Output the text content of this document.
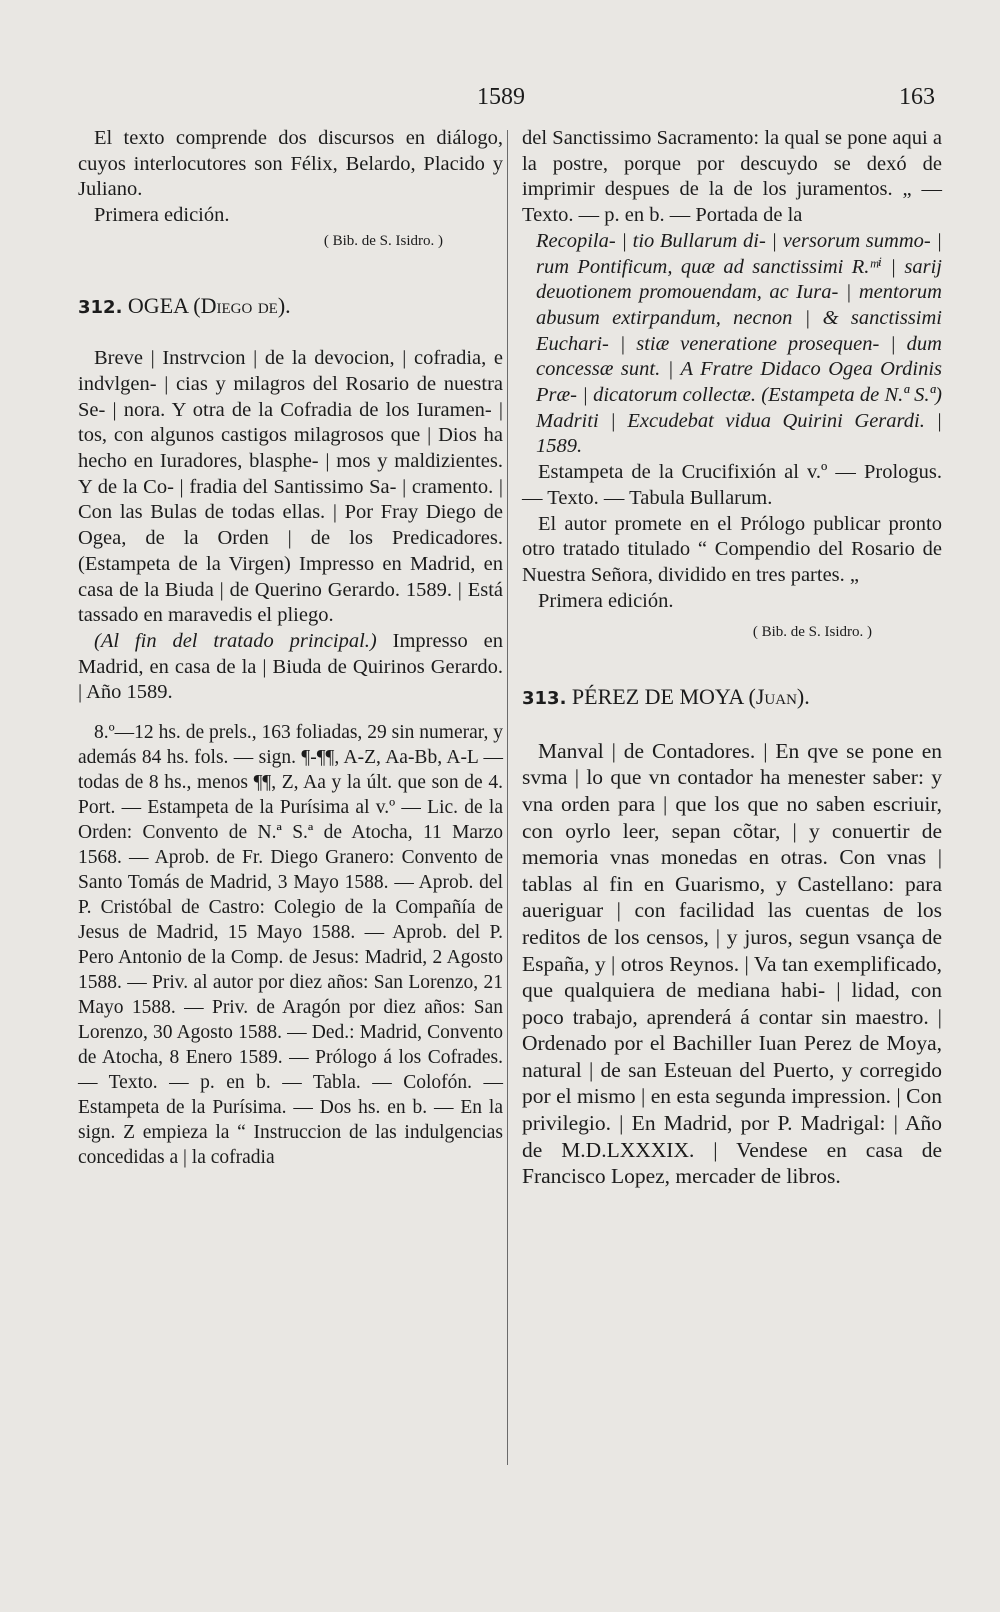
1589	163

El texto comprende dos discursos en diálogo, cuyos interlocutores son Félix, Belardo, Placido y Juliano.

Primera edición.

( Bib. de S. Isidro. )

312. OGEA (Diego de).

Breve | Instrvcion | de la devocion, | cofradia, e indvlgen- | cias y milagros del Rosario de nuestra Se- | nora. Y otra de la Cofradia de los Iuramen- | tos, con algunos castigos milagrosos que | Dios ha hecho en Iuradores, blasphe- | mos y maldizientes. Y de la Co- | fradia del Santissimo Sa- | cramento. | Con las Bulas de todas ellas. | Por Fray Diego de Ogea, de la Orden | de los Predicadores. (Estampeta de la Virgen) Impresso en Madrid, en casa de la Biuda | de Querino Gerardo. 1589. | Está tassado en maravedis el pliego.

(Al fin del tratado principal.) Impresso en Madrid, en casa de la | Biuda de Quirinos Gerardo. | Año 1589.

8.º—12 hs. de prels., 163 foliadas, 29 sin numerar, y además 84 hs. fols. — sign. ¶-¶¶, A-Z, Aa-Bb, A-L — todas de 8 hs., menos ¶¶, Z, Aa y la últ. que son de 4. Port. — Estampeta de la Purísima al v.º — Lic. de la Orden: Convento de N.ª S.ª de Atocha, 11 Marzo 1568. — Aprob. de Fr. Diego Granero: Convento de Santo Tomás de Madrid, 3 Mayo 1588. — Aprob. del P. Cristóbal de Castro: Colegio de la Compañía de Jesus de Madrid, 15 Mayo 1588. — Aprob. del P. Pero Antonio de la Comp. de Jesus: Madrid, 2 Agosto 1588. — Priv. al autor por diez años: San Lorenzo, 21 Mayo 1588. — Priv. de Aragón por diez años: San Lorenzo, 30 Agosto 1588. — Ded.: Madrid, Convento de Atocha, 8 Enero 1589. — Prólogo á los Cofrades. — Texto. — p. en b. — Tabla. — Colofón. — Estampeta de la Purísima. — Dos hs. en b. — En la sign. Z empieza la “ Instruccion de las indulgencias concedidas a | la cofradia

del Sanctissimo Sacramento: la qual se pone aqui a la postre, porque por descuydo se dexó de imprimir despues de la de los juramentos. „ — Texto. — p. en b. — Portada de la

Recopila- | tio Bullarum di- | versorum summo- | rum Pontificum, quæ ad sanctissimi R.ᵐⁱ | sarij deuotionem promouendam, ac Iura- | mentorum abusum extirpandum, necnon | & sanctissimi Euchari- | stiæ veneratione prosequen- | dum concessæ sunt. | A Fratre Didaco Ogea Ordinis Præ- | dicatorum collectæ. (Estampeta de N.ª S.ª) Madriti | Excudebat vidua Quirini Gerardi. | 1589.

Estampeta de la Crucifixión al v.º — Prologus. — Texto. — Tabula Bullarum.

El autor promete en el Prólogo publicar pronto otro tratado titulado “ Compendio del Rosario de Nuestra Señora, dividido en tres partes. „

Primera edición.

( Bib. de S. Isidro. )

313. PÉREZ DE MOYA (Juan).

Manval | de Contadores. | En qve se pone en svma | lo que vn contador ha menester saber: y vna orden para | que los que no saben escriuir, con oyrlo leer, sepan cõtar, | y conuertir de memoria vnas monedas en otras. Con vnas | tablas al fin en Guarismo, y Castellano: para aueriguar | con facilidad las cuentas de los reditos de los censos, | y juros, segun vsança de España, y | otros Reynos. | Va tan exemplificado, que qualquiera de mediana habi- | lidad, con poco trabajo, aprenderá á contar sin maestro. | Ordenado por el Bachiller Iuan Perez de Moya, natural | de san Esteuan del Puerto, y corregido por el mismo | en esta segunda impression. | Con privilegio. | En Madrid, por P. Madrigal: | Año de M.D.LXXXIX. | Vendese en casa de Francisco Lopez, mercader de libros.
